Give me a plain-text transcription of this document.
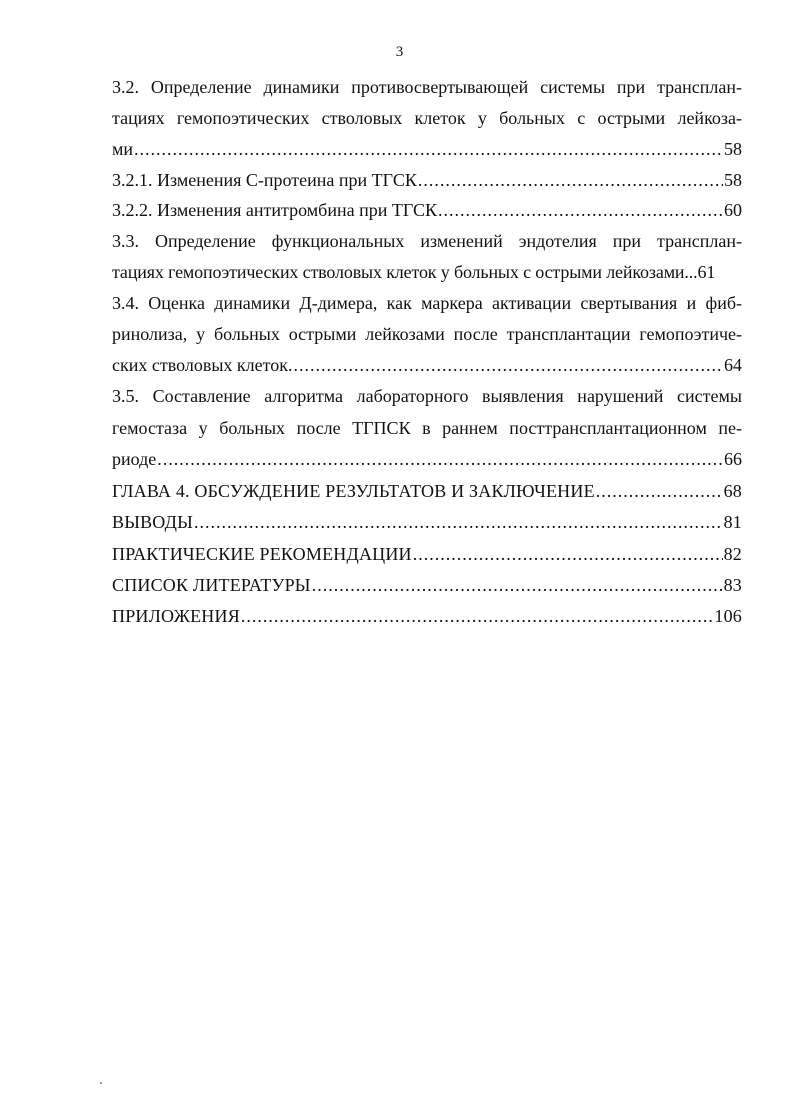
3
3.2. Определение динамики противосвертывающей системы при трансплан-
тациях гемопоэтических стволовых клеток у больных с острыми лейкоза-
ми .....	58
3.2.1. Изменения С-протеина при ТГСК .....	58
3.2.2. Изменения антитромбина при ТГСК .....	60
3.3. Определение функциональных изменений эндотелия при трансплан-
тациях гемопоэтических стволовых клеток у больных с острыми лейкозами...61
3.4. Оценка динамики Д-димера, как маркера активации свертывания и фиб-
ринолиза, у больных острыми лейкозами после трансплантации гемопоэтиче-
ских стволовых клеток. .....	64
3.5. Составление алгоритма лабораторного выявления нарушений системы
гемостаза у больных после ТГПСК в раннем посттрансплантационном пе-
риоде .....	66
ГЛАВА 4. ОБСУЖДЕНИЕ РЕЗУЛЬТАТОВ И ЗАКЛЮЧЕНИЕ .....	68
ВЫВОДЫ .....	81
ПРАКТИЧЕСКИЕ РЕКОМЕНДАЦИИ .....	82
СПИСОК ЛИТЕРАТУРЫ .....	83
ПРИЛОЖЕНИЯ .....	106
